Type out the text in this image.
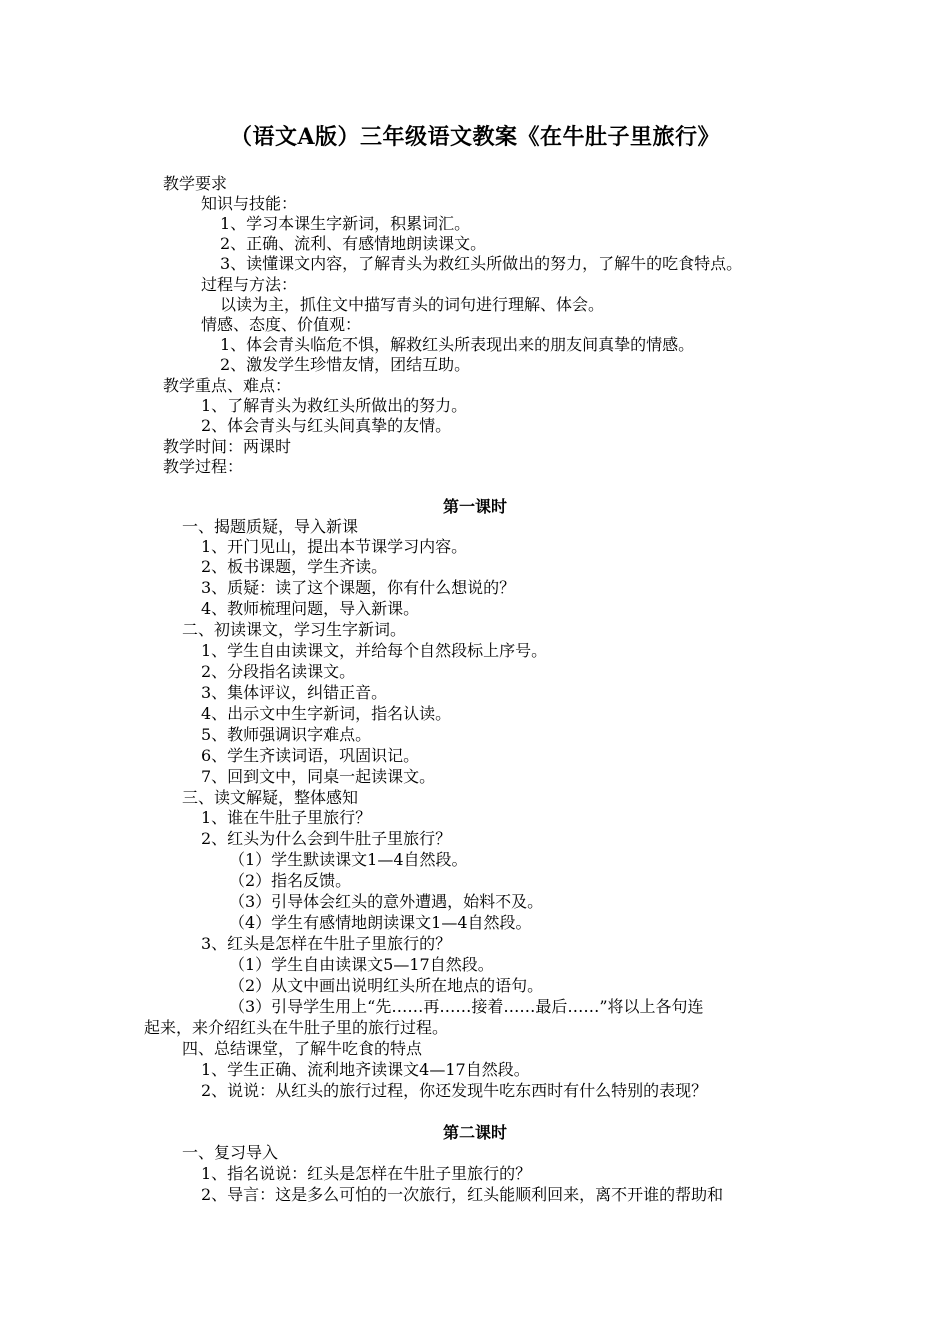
（语文A版）三年级语文教案《在牛肚子里旅行》
教学要求
知识与技能：
1、学习本课生字新词，积累词汇。
2、正确、流利、有感情地朗读课文。
3、读懂课文内容，了解青头为救红头所做出的努力，了解牛的吃食特点。
过程与方法：
以读为主，抓住文中描写青头的词句进行理解、体会。
情感、态度、价值观：
1、体会青头临危不惧，解救红头所表现出来的朋友间真挚的情感。
2、激发学生珍惜友情，团结互助。
教学重点、难点：
1、了解青头为救红头所做出的努力。
2、体会青头与红头间真挚的友情。
教学时间：两课时
教学过程：
第一课时
一、揭题质疑，导入新课
1、开门见山，提出本节课学习内容。
2、板书课题，学生齐读。
3、质疑：读了这个课题，你有什么想说的？
4、教师梳理问题，导入新课。
二、初读课文，学习生字新词。
1、学生自由读课文，并给每个自然段标上序号。
2、分段指名读课文。
3、集体评议，纠错正音。
4、出示文中生字新词，指名认读。
5、教师强调识字难点。
6、学生齐读词语，巩固识记。
7、回到文中，同桌一起读课文。
三、读文解疑，整体感知
1、谁在牛肚子里旅行？
2、红头为什么会到牛肚子里旅行？
（1）学生默读课文1—4自然段。
（2）指名反馈。
（3）引导体会红头的意外遭遇，始料不及。
（4）学生有感情地朗读课文1—4自然段。
3、红头是怎样在牛肚子里旅行的？
（1）学生自由读课文5—17自然段。
（2）从文中画出说明红头所在地点的语句。
（3）引导学生用上“先……再……接着……最后……”将以上各句连
起来，来介绍红头在牛肚子里的旅行过程。
四、总结课堂，了解牛吃食的特点
1、学生正确、流利地齐读课文4—17自然段。
2、说说：从红头的旅行过程，你还发现牛吃东西时有什么特别的表现？
第二课时
一、复习导入
1、指名说说：红头是怎样在牛肚子里旅行的？
2、导言：这是多么可怕的一次旅行，红头能顺利回来，离不开谁的帮助和
